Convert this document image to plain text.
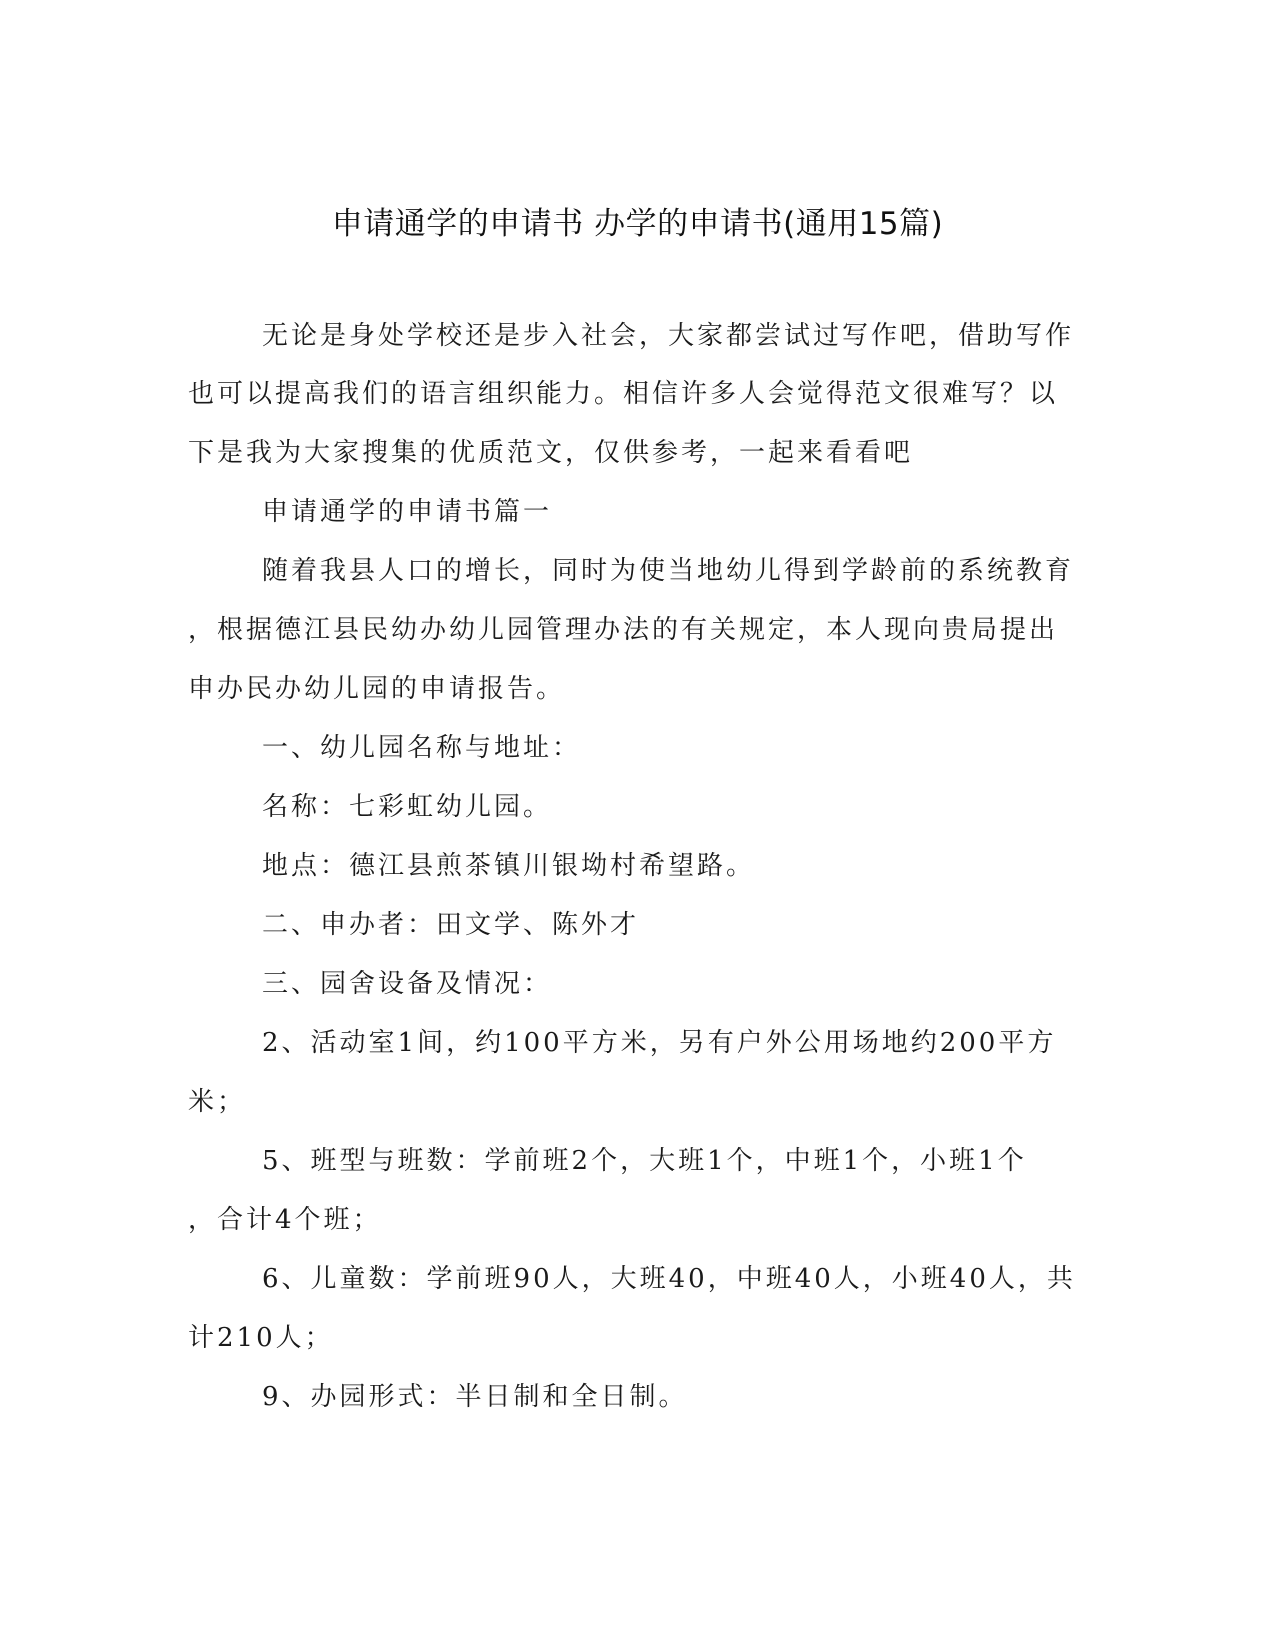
申请通学的申请书 办学的申请书(通用15篇)
无论是身处学校还是步入社会，大家都尝试过写作吧，借助写作
也可以提高我们的语言组织能力。相信许多人会觉得范文很难写？以
下是我为大家搜集的优质范文，仅供参考，一起来看看吧
申请通学的申请书篇一
随着我县人口的增长，同时为使当地幼儿得到学龄前的系统教育
，根据德江县民幼办幼儿园管理办法的有关规定，本人现向贵局提出
申办民办幼儿园的申请报告。
一、幼儿园名称与地址：
名称：七彩虹幼儿园。
地点：德江县煎茶镇川银坳村希望路。
二、申办者：田文学、陈外才
三、园舍设备及情况：
2、活动室1间，约100平方米，另有户外公用场地约200平方
米；
5、班型与班数：学前班2个，大班1个，中班1个，小班1个
，合计4个班；
6、儿童数：学前班90人，大班40，中班40人，小班40人，共
计210人；
9、办园形式：半日制和全日制。
